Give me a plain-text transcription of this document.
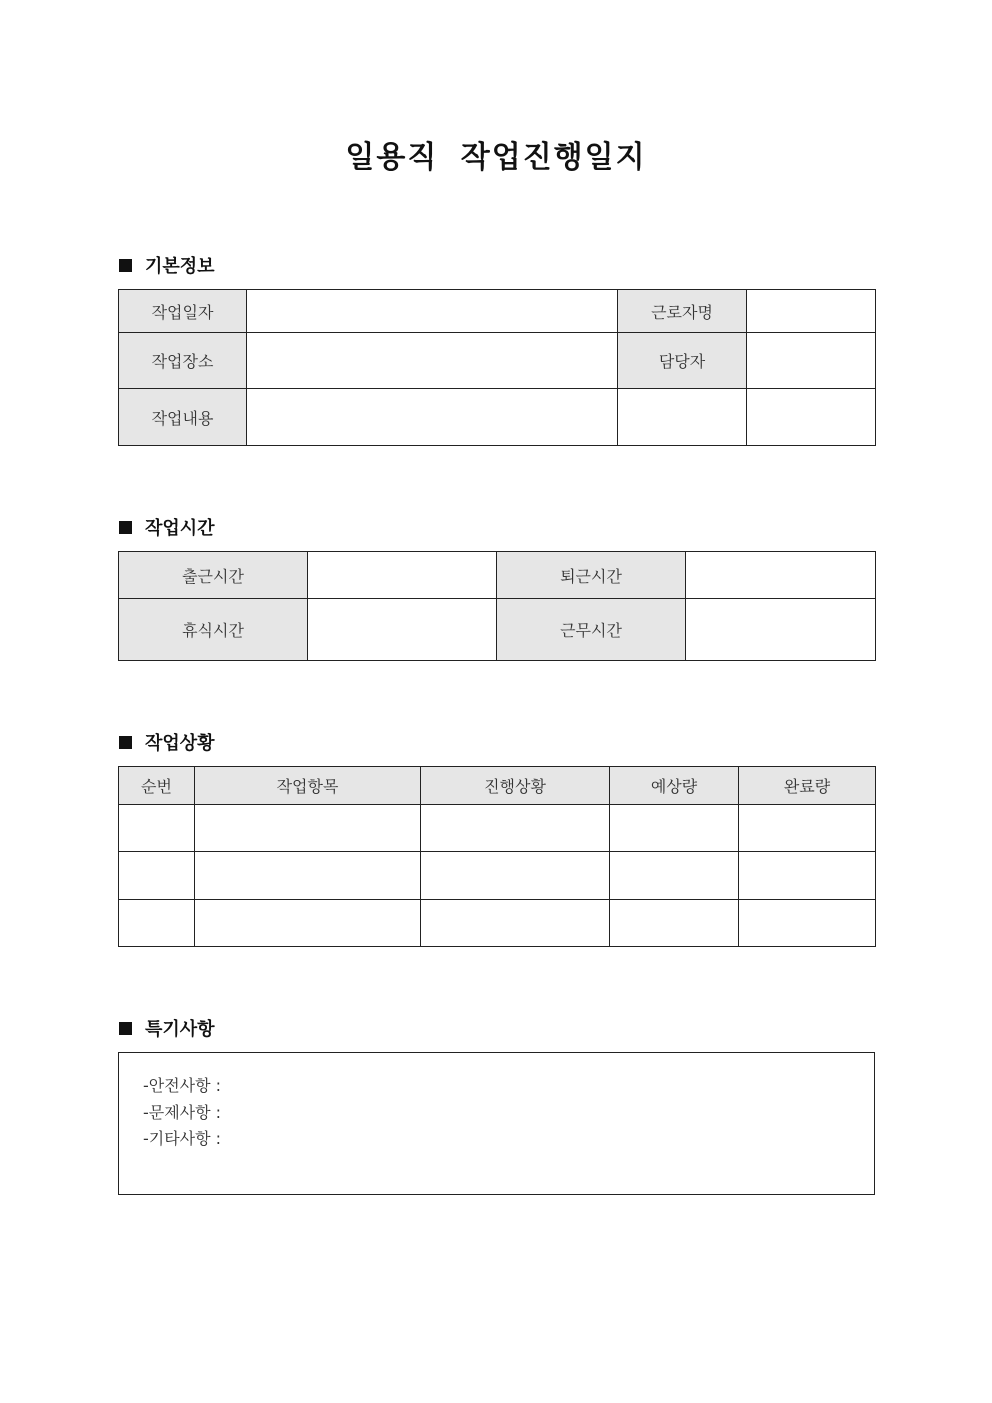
일용직 작업진행일지
기본정보
작업일자		근로자명	
작업장소		담당자	
작업내용			
작업시간
출근시간		퇴근시간	
휴식시간		근무시간	
작업상황
순번	작업항목	진행상황	예상량	완료량

특기사항
-안전사항 :
-문제사항 :
-기타사항 :
